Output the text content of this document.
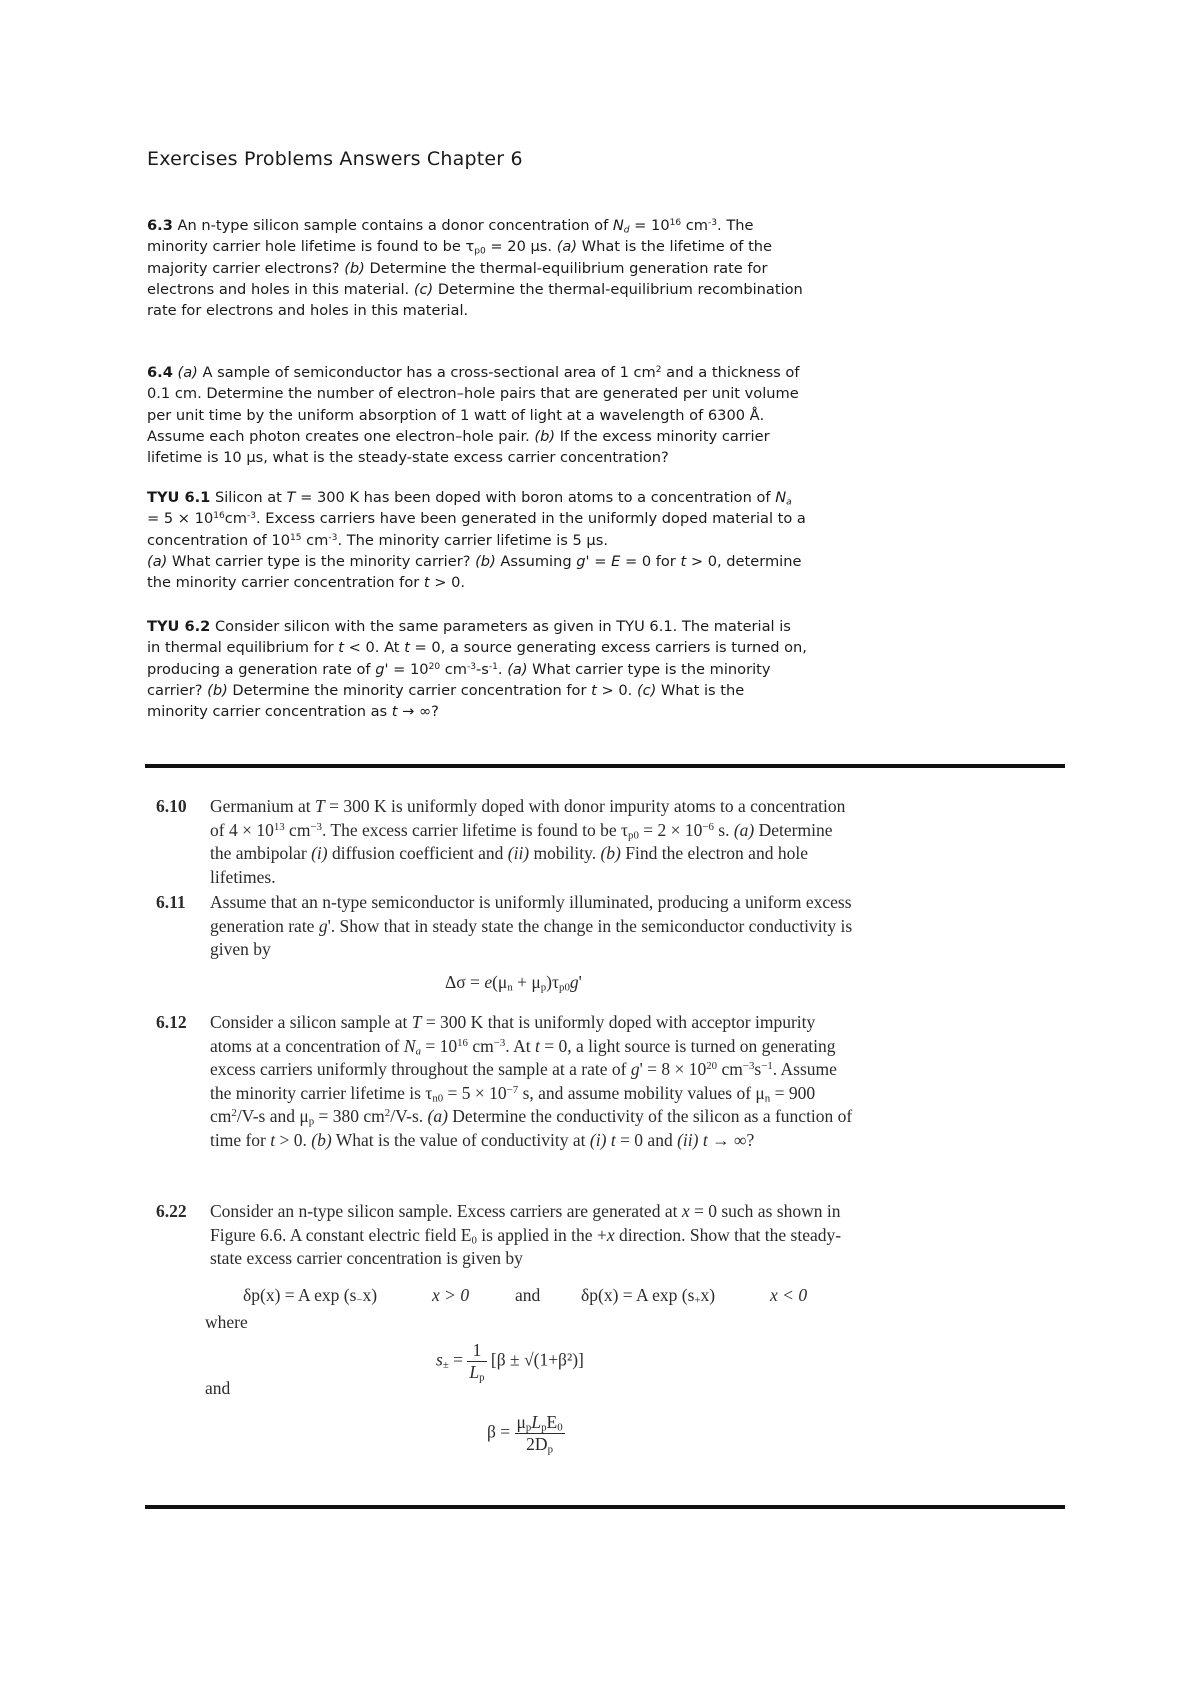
Exercises Problems Answers Chapter 6

6.3 An n-type silicon sample contains a donor concentration of $N_d = 10^{16}$ $cm^{-3}$. The minority carrier hole lifetime is found to be $\tau_{p0} = 20$ μs. (a) What is the lifetime of the majority carrier electrons? (b) Determine the thermal-equilibrium generation rate for electrons and holes in this material. (c) Determine the thermal-equilibrium recombination rate for electrons and holes in this material.

6.4 (a) A sample of semiconductor has a cross-sectional area of 1 $cm^2$ and a thickness of 0.1 cm. Determine the number of electron–hole pairs that are generated per unit volume per unit time by the uniform absorption of 1 watt of light at a wavelength of 6300 Å. Assume each photon creates one electron–hole pair. (b) If the excess minority carrier lifetime is 10 μs, what is the steady-state excess carrier concentration?

TYU 6.1 Silicon at T = 300 K has been doped with boron atoms to a concentration of $N_a = 5 \times 10^{16}cm^{-3}$. Excess carriers have been generated in the uniformly doped material to a concentration of $10^{15}$ $cm^{-3}$. The minority carrier lifetime is 5 μs.
(a) What carrier type is the minority carrier? (b) Assuming g' = E = 0 for t > 0, determine the minority carrier concentration for t > 0.

TYU 6.2 Consider silicon with the same parameters as given in TYU 6.1. The material is in thermal equilibrium for t < 0. At t = 0, a source generating excess carriers is turned on, producing a generation rate of $g' = 10^{20}$ $cm^{-3}-s^{-1}$. (a) What carrier type is the minority carrier? (b) Determine the minority carrier concentration for t > 0. (c) What is the minority carrier concentration as t → ∞?

6.10 Germanium at T = 300 K is uniformly doped with donor impurity atoms to a concentration of $4 \times 10^{13}$ $cm^{-3}$. The excess carrier lifetime is found to be $\tau_{p0} = 2 \times 10^{-6}$ s. (a) Determine the ambipolar (i) diffusion coefficient and (ii) mobility. (b) Find the electron and hole lifetimes.
6.11 Assume that an n-type semiconductor is uniformly illuminated, producing a uniform excess generation rate g'. Show that in steady state the change in the semiconductor conductivity is given by
$\Delta\sigma = e(\mu_n + \mu_p)\tau_{p0}g'$
6.12 Consider a silicon sample at T = 300 K that is uniformly doped with acceptor impurity atoms at a concentration of $N_a = 10^{16}$ $cm^{-3}$. At t = 0, a light source is turned on generating excess carriers uniformly throughout the sample at a rate of $g' = 8 \times 10^{20}$ $cm^{-3}s^{-1}$. Assume the minority carrier lifetime is $\tau_{n0} = 5 \times 10^{-7}$ s, and assume mobility values of $\mu_n = 900$ $cm^2/V-s$ and $\mu_p = 380$ $cm^2/V-s$. (a) Determine the conductivity of the silicon as a function of time for t > 0. (b) What is the value of conductivity at (i) t = 0 and (ii) t → ∞?
6.22 Consider an n-type silicon sample. Excess carriers are generated at x = 0 such as shown in Figure 6.6. A constant electric field $E_0$ is applied in the +x direction. Show that the steady-state excess carrier concentration is given by
δp(x) = A $\exp (s_-x)$	x > 0	and δp(x) = A $\exp (s_+x)$	x < 0
where
$s_\pm = \frac{1}{L_p} [\beta \pm √(1+\beta^2)]$
and
$\beta = \frac{\mu_pL_pE_0}{2D_p}$
